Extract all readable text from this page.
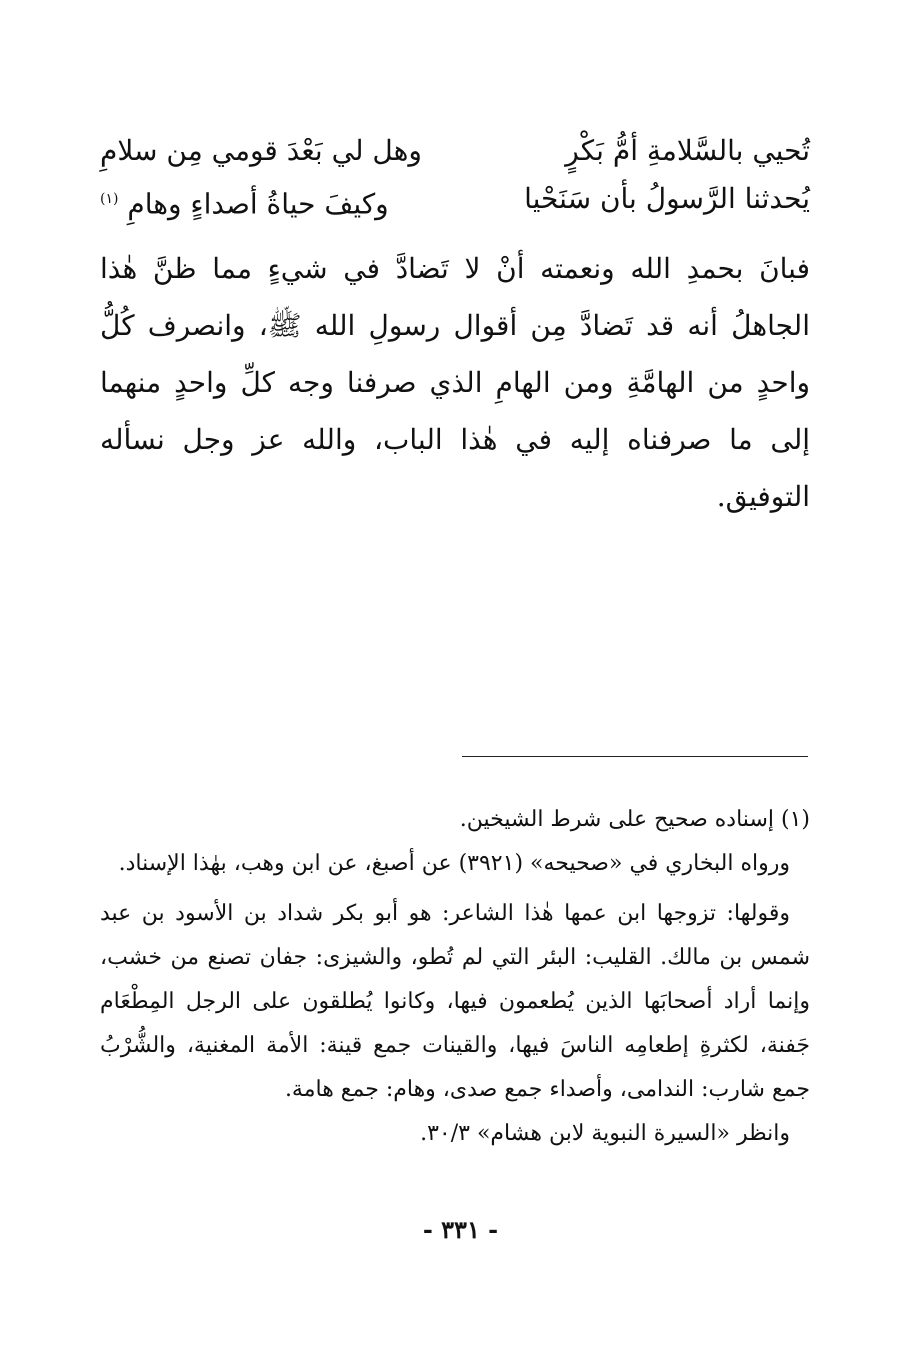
تُحيي بالسَّلامةِ أمُّ بَكْرٍ
وهل لي بَعْدَ قومي مِن سلامِ
يُحدثنا الرَّسولُ بأن سَنَحْيا
وكيفَ حياةُ أصداءٍ وهامِ $^{(١)}$
فبانَ بحمدِ الله ونعمته أنْ لا تَضادَّ في شيءٍ مما ظنَّ هٰذا الجاهلُ أنه قد تَضادَّ مِن أقوال رسولِ الله ﷺ، وانصرف كُلُّ واحدٍ من الهامَّةِ ومن الهامِ الذي صرفنا وجه كلِّ واحدٍ منهما إلى ما صرفناه إليه في هٰذا الباب، والله عز وجل نسأله التوفيق.

(١) إسناده صحيح على شرط الشيخين.

ورواه البخاري في «صحيحه» (٣٩٢١) عن أصبغ، عن ابن وهب، بهٰذا الإسناد.

وقولها: تزوجها ابن عمها هٰذا الشاعر: هو أبو بكر شداد بن الأسود بن عبد شمس بن مالك. القليب: البئر التي لم تُطو، والشيزى: جفان تصنع من خشب، وإنما أراد أصحابَها الذين يُطعمون فيها، وكانوا يُطلقون على الرجل المِطْعَام جَفنة، لكثرةِ إطعامِه الناسَ فيها، والقينات جمع قينة: الأمة المغنية، والشُّرْبُ جمع شارب: الندامى، وأصداء جمع صدى، وهام: جمع هامة.

وانظر «السيرة النبوية لابن هشام» ٣٠/٣.

- ٣٣١ -
